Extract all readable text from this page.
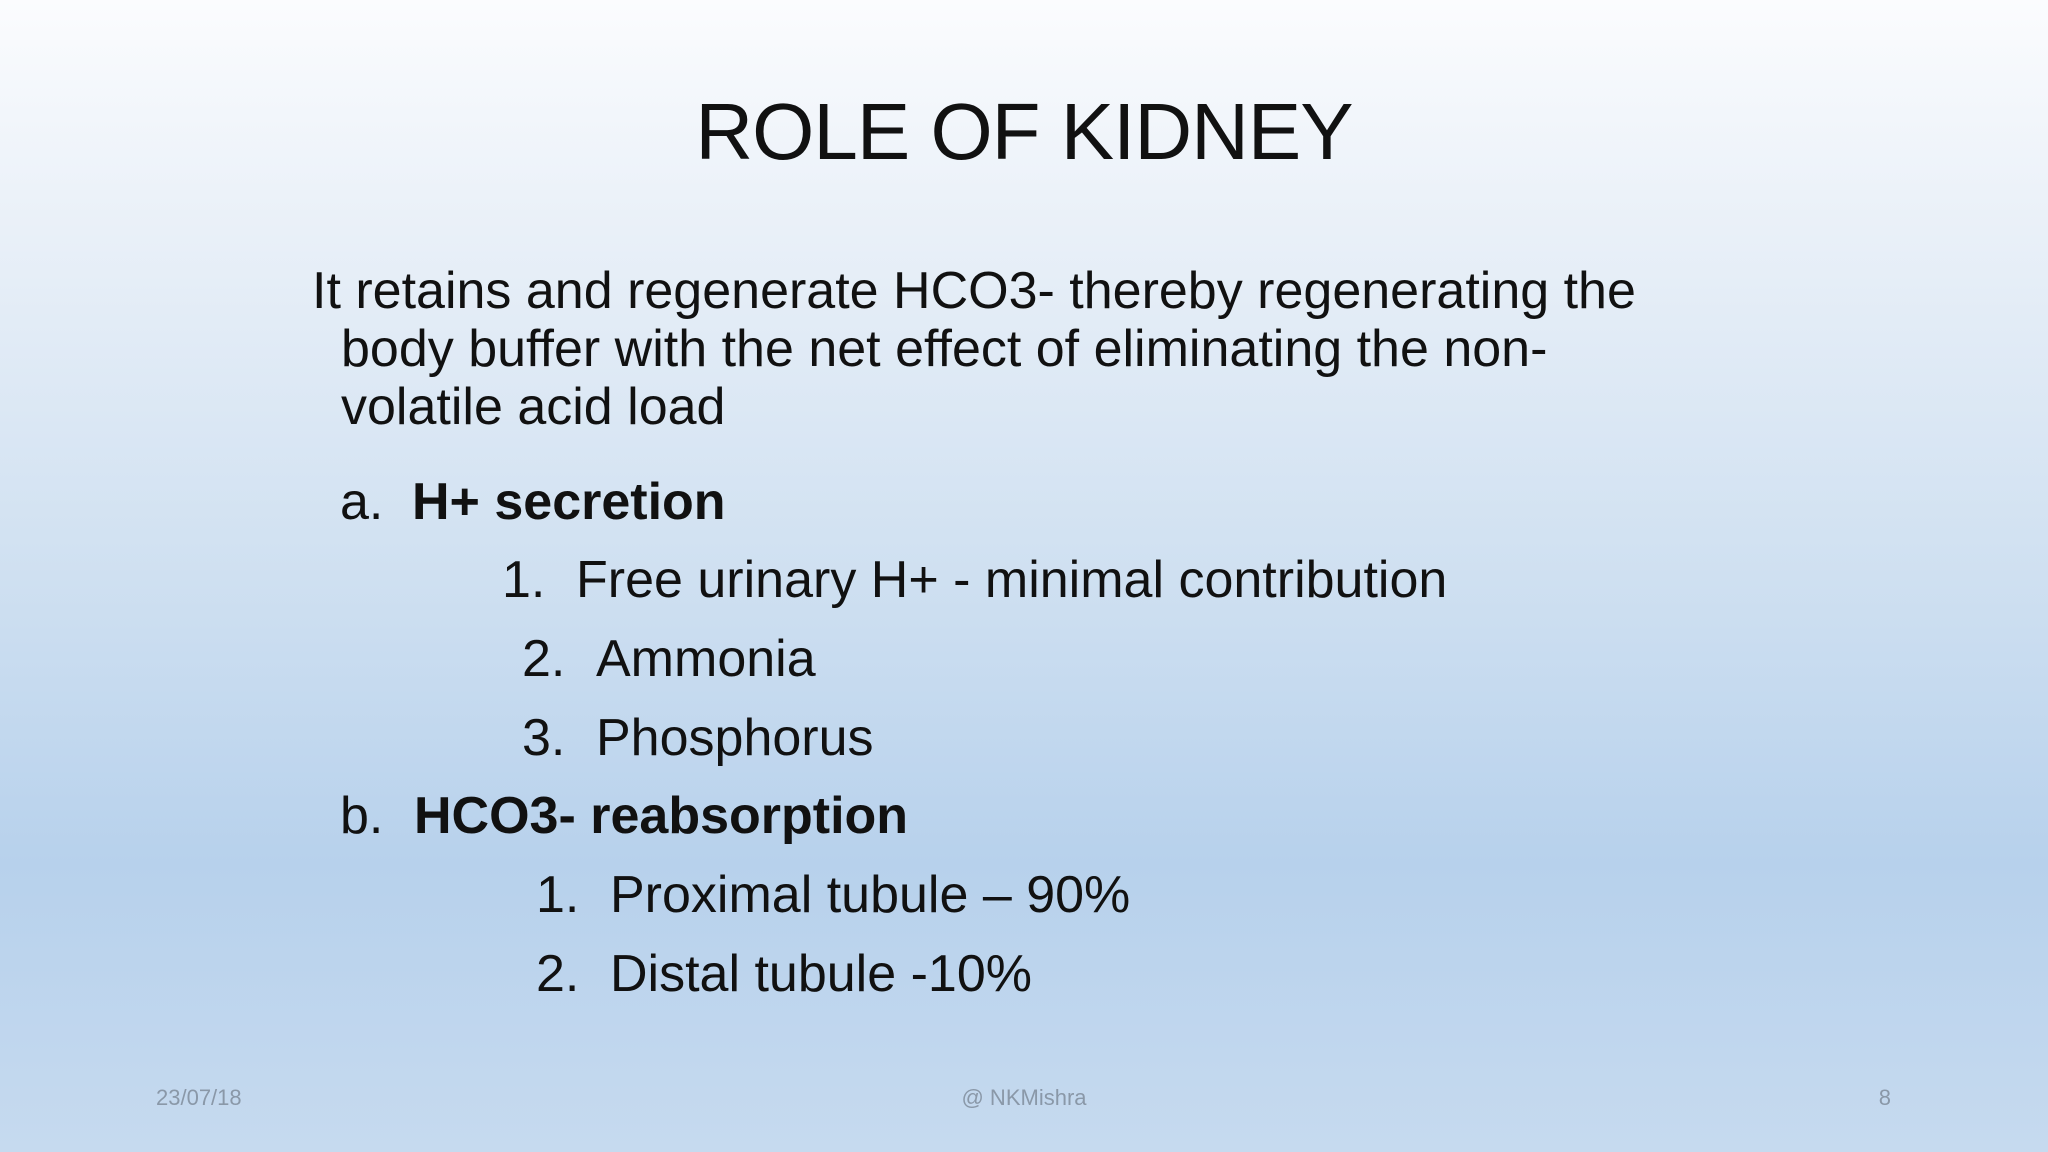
ROLE OF KIDNEY
It retains and regenerate HCO3- thereby regenerating the
body buffer with the net effect of eliminating the non-
volatile acid load
a. H+ secretion
1. Free urinary H+ - minimal contribution
2. Ammonia
3. Phosphorus
b. HCO3- reabsorption
1. Proximal tubule – 90%
2. Distal tubule -10%
23/07/18	@ NKMishra	8
